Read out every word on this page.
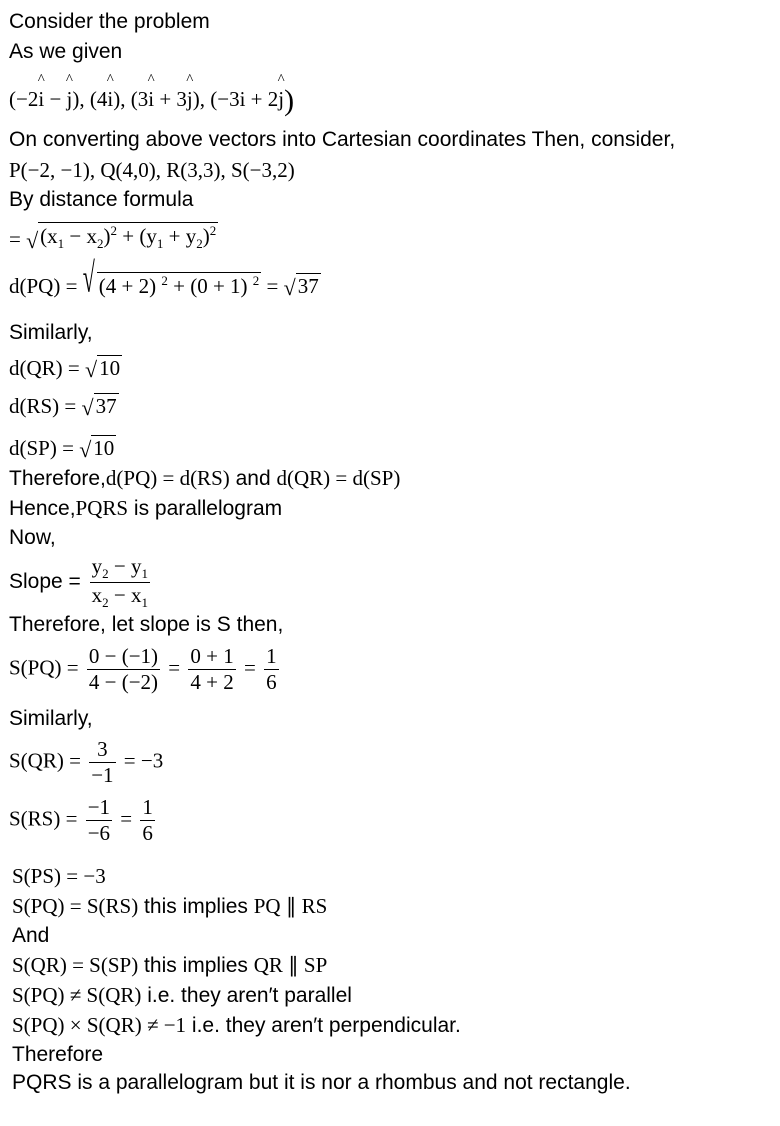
Consider the problem
As we given
(−2^ i − ^ j), (4^ i), (3^ i + 3^ j), (−3i + 2^ j)
On converting above vectors into Cartesian coordinates Then, consider,
P(−2, −1), Q(4,0), R(3,3), S(−3,2)
By distance formula
= √ $(x_1 - x_2)^2 + (y_1 + y_2)^2$
d(PQ) = √ (4 + 2) $^2$ + (0 + 1) $^2$ = √ 37
Similarly,
d(QR) = √ 10
d(RS) = √ 37
d(SP) = √ 10
Therefore,d(PQ) = d(RS) and d(QR) = d(SP)
Hence,PQRS is parallelogram
Now,
Slope = $\frac{y_2 - y_1}{x_2 - x_1}$
Therefore, let slope is S then,
$S(PQ) = \frac{0 - (-1)}{4 - (-2)} = \frac{0 + 1}{4 + 2} = \frac{1}{6}$
Similarly,
$S(QR) = \frac{3}{-1} = -3$
$S(RS) = \frac{-1}{-6} = \frac{1}{6}$
S(PS) = −3
S(PQ) = S(RS) this implies PQ ∥ RS
And
S(QR) = S(SP) this implies QR ∥ SP
S(PQ) ≠ S(QR) i.e. they aren′t parallel
S(PQ) × S(QR) ≠ −1 i.e. they aren′t perpendicular.
Therefore
PQRS is a parallelogram but it is nor a rhombus and not rectangle.
